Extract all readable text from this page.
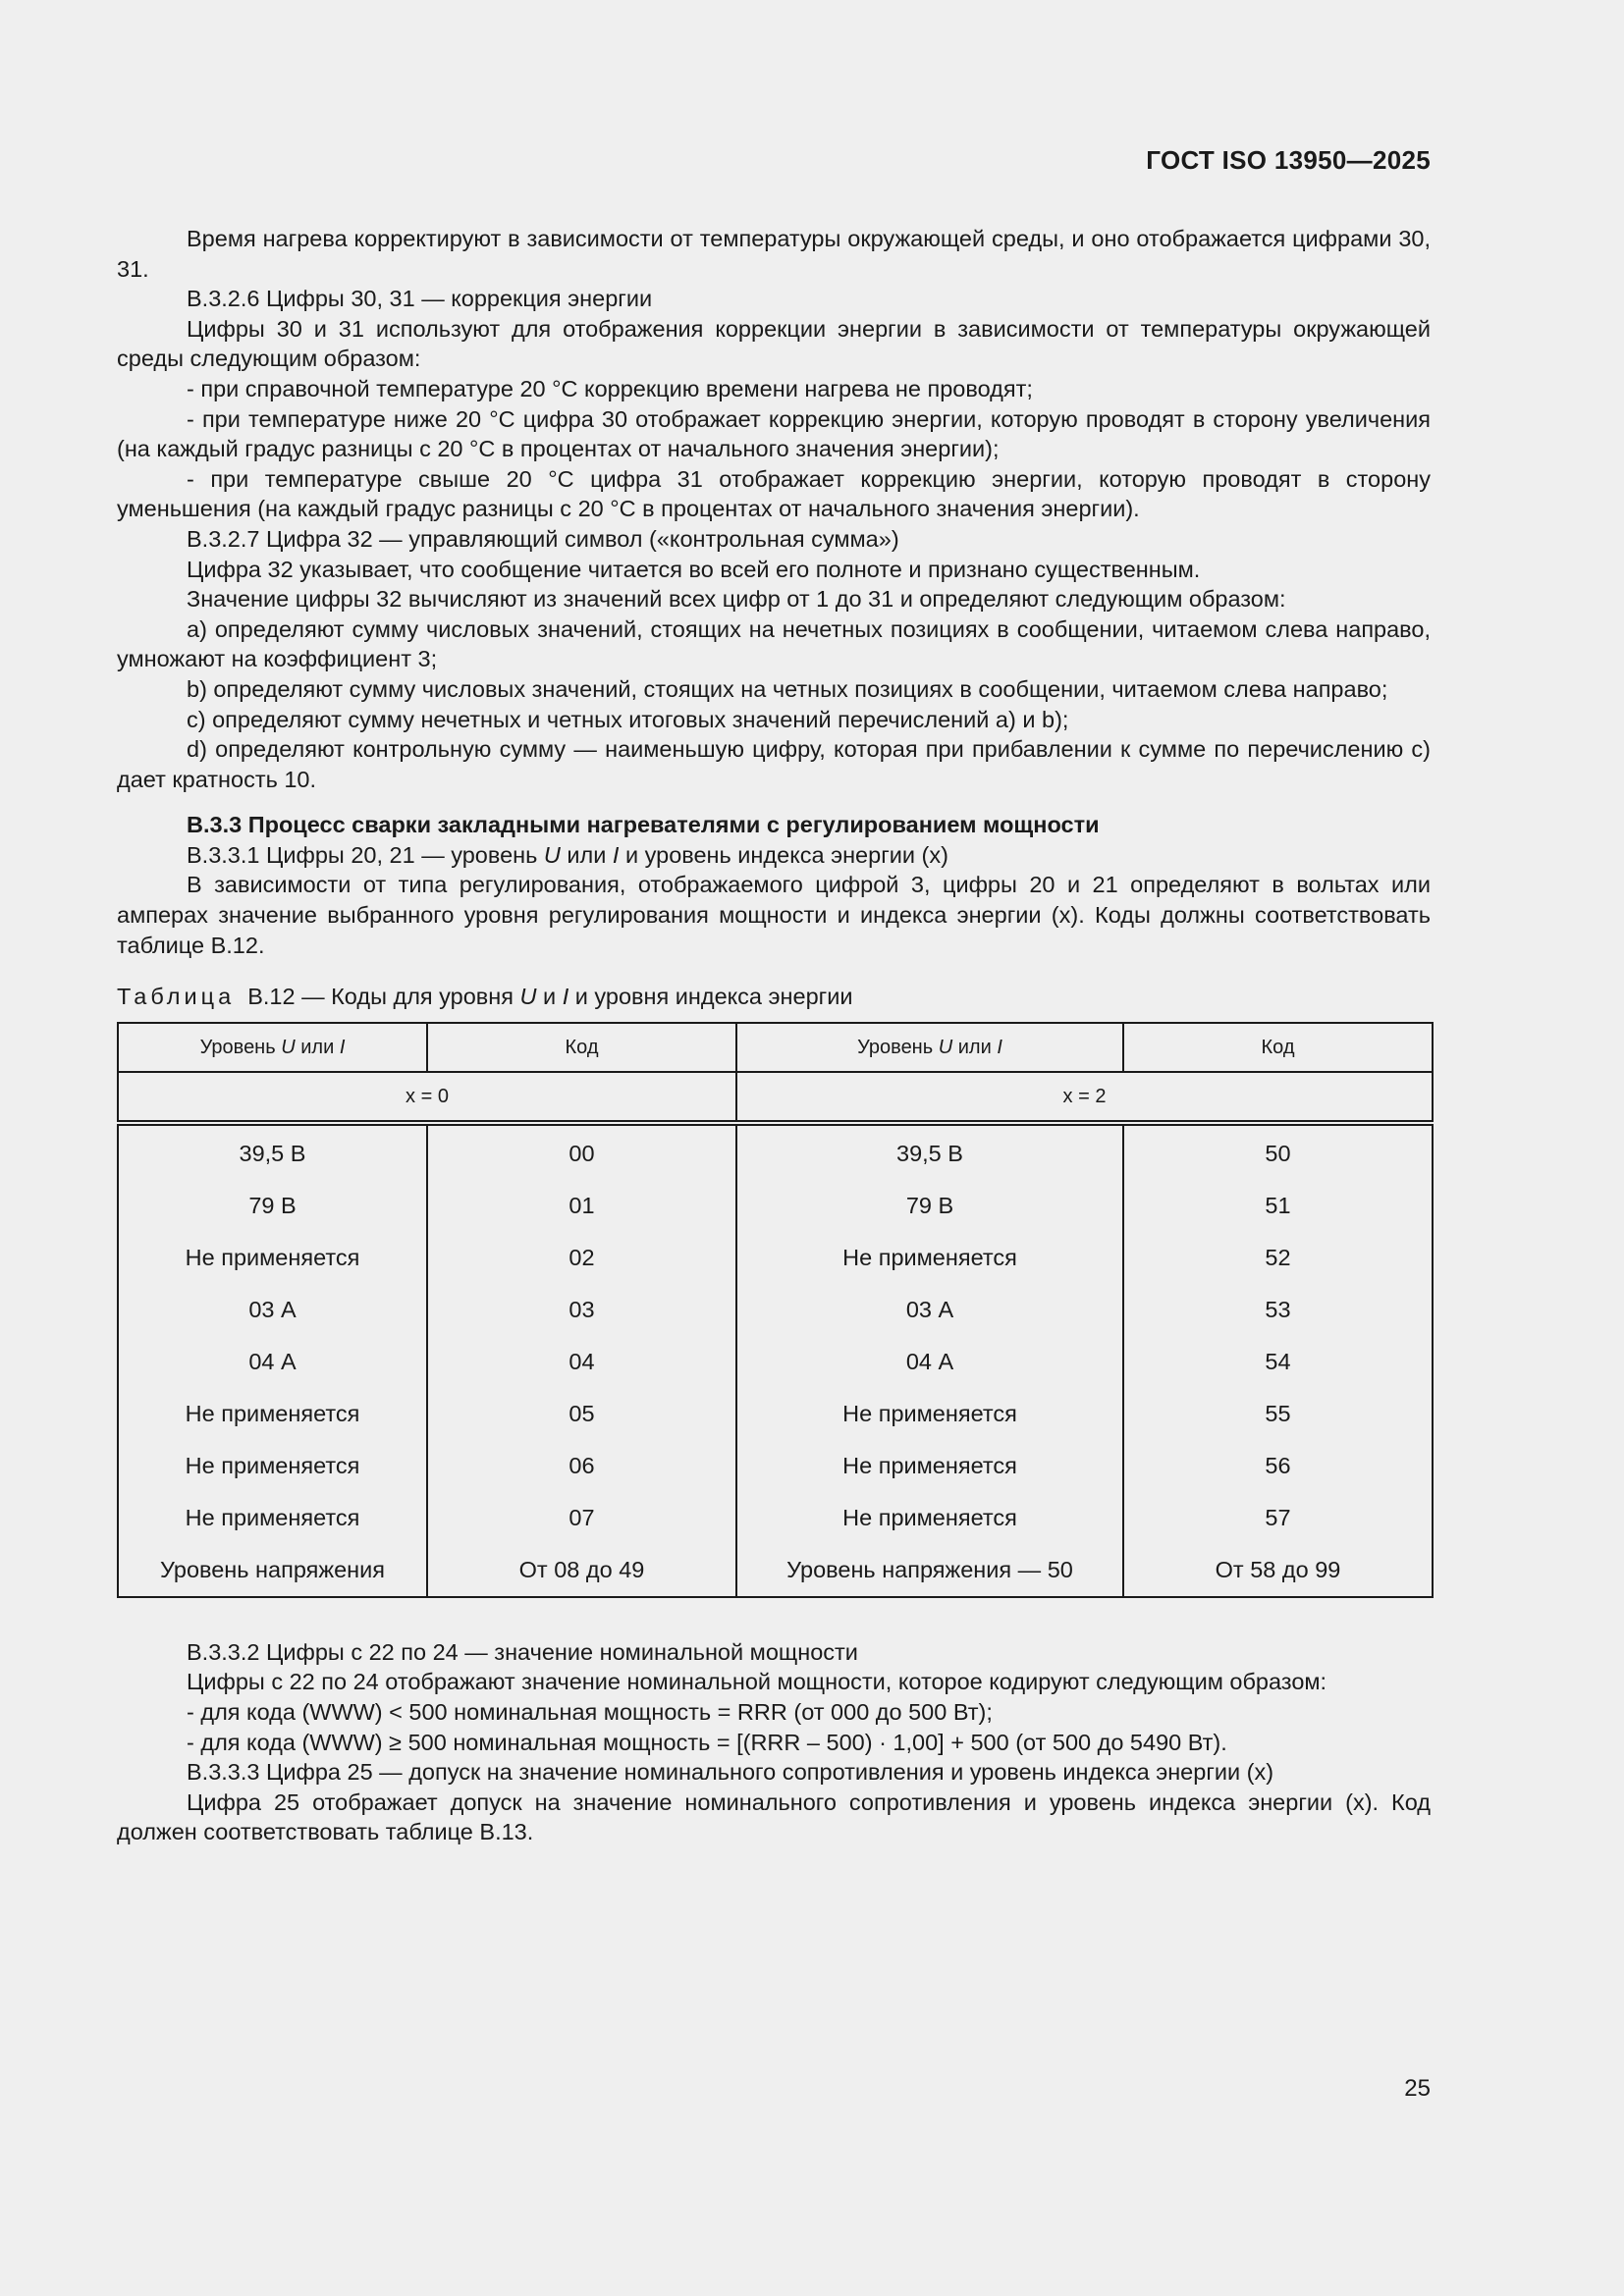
ГОСТ ISO 13950—2025

Время нагрева корректируют в зависимости от температуры окружающей среды, и оно отображается цифрами 30, 31.

В.3.2.6 Цифры 30, 31 — коррекция энергии

Цифры 30 и 31 используют для отображения коррекции энергии в зависимости от температуры окружающей среды следующим образом:

- при справочной температуре 20 °C коррекцию времени нагрева не проводят;

- при температуре ниже 20 °C цифра 30 отображает коррекцию энергии, которую проводят в сторону увеличения (на каждый градус разницы с 20 °C в процентах от начального значения энергии);

- при температуре свыше 20 °C цифра 31 отображает коррекцию энергии, которую проводят в сторону уменьшения (на каждый градус разницы с 20 °C в процентах от начального значения энергии).

В.3.2.7 Цифра 32 — управляющий символ («контрольная сумма»)

Цифра 32 указывает, что сообщение читается во всей его полноте и признано существенным.

Значение цифры 32 вычисляют из значений всех цифр от 1 до 31 и определяют следующим образом:

a) определяют сумму числовых значений, стоящих на нечетных позициях в сообщении, читаемом слева направо, умножают на коэффициент 3;

b) определяют сумму числовых значений, стоящих на четных позициях в сообщении, читаемом слева направо;

c) определяют сумму нечетных и четных итоговых значений перечислений a) и b);

d) определяют контрольную сумму — наименьшую цифру, которая при прибавлении к сумме по перечислению c) дает кратность 10.

В.3.3 Процесс сварки закладными нагревателями с регулированием мощности

В.3.3.1 Цифры 20, 21 — уровень U или I и уровень индекса энергии (x)

В зависимости от типа регулирования, отображаемого цифрой 3, цифры 20 и 21 определяют в вольтах или амперах значение выбранного уровня регулирования мощности и индекса энергии (x). Коды должны соответствовать таблице В.12.

Таблица  В.12 — Коды для уровня U и I и уровня индекса энергии

Уровень U или I	Код	Уровень U или I	Код
x = 0		x = 2	
39,5 В	00	39,5 В	50
79 В	01	79 В	51
Не применяется	02	Не применяется	52
03 А	03	03 А	53
04 А	04	04 А	54
Не применяется	05	Не применяется	55
Не применяется	06	Не применяется	56
Не применяется	07	Не применяется	57
Уровень напряжения	От 08 до 49	Уровень напряжения — 50	От 58 до 99

В.3.3.2 Цифры с 22 по 24 — значение номинальной мощности

Цифры с 22 по 24 отображают значение номинальной мощности, которое кодируют следующим образом:

- для кода (WWW) < 500 номинальная мощность = RRR (от 000 до 500 Вт);

- для кода (WWW) ≥ 500 номинальная мощность = [(RRR – 500) · 1,00] + 500 (от 500 до 5490 Вт).

В.3.3.3 Цифра 25 — допуск на значение номинального сопротивления и уровень индекса энергии (x)

Цифра 25 отображает допуск на значение номинального сопротивления и уровень индекса энергии (x). Код должен соответствовать таблице В.13.

25
